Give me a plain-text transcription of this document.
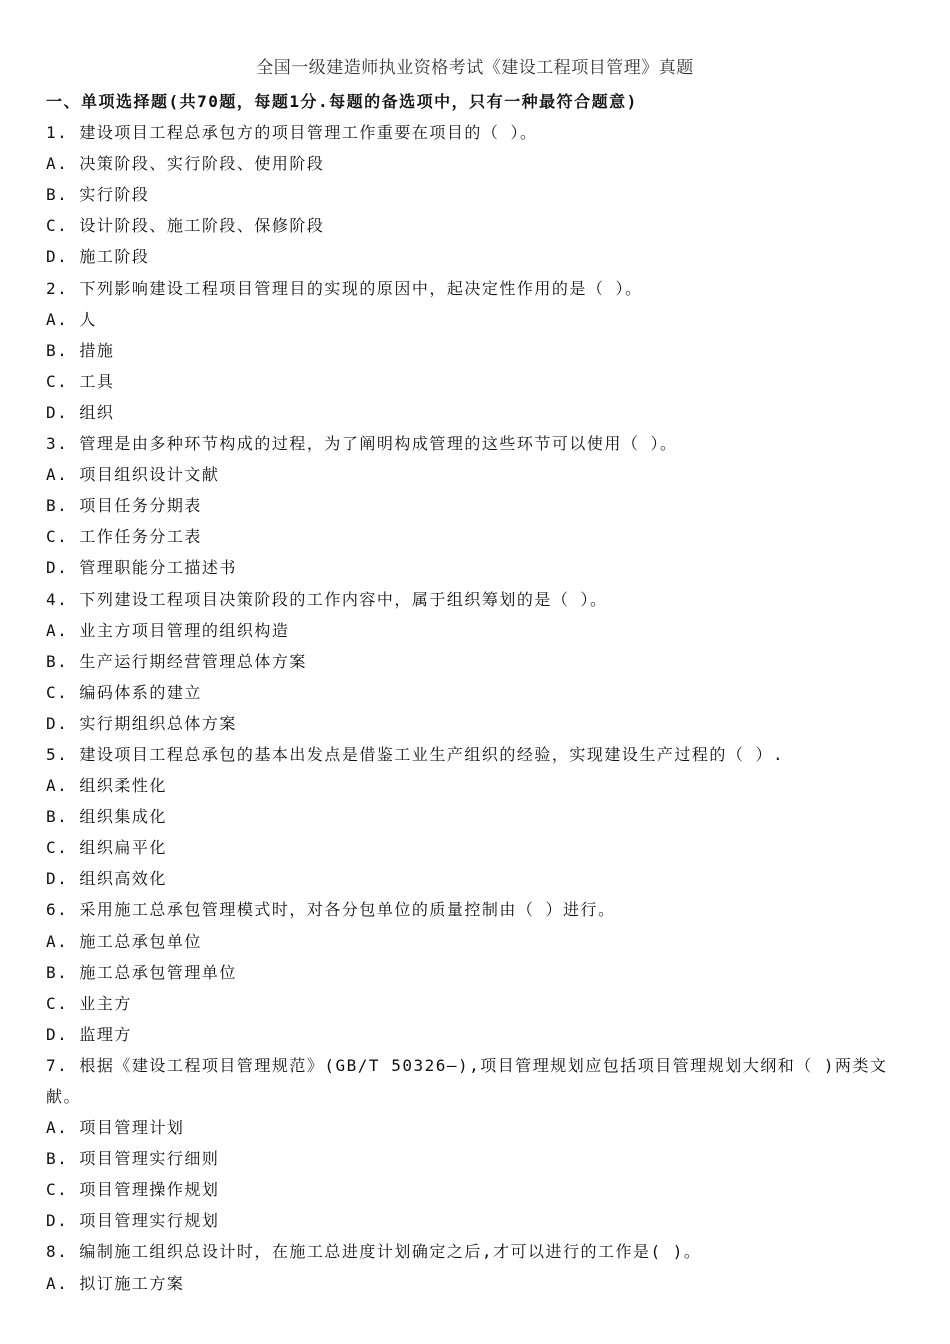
全国一级建造师执业资格考试《建设工程项目管理》真题
一、单项选择题(共70题，每题1分.每题的备选项中，只有一种最符合题意)
1. 建设项目工程总承包方的项目管理工作重要在项目的（ ）。
A. 决策阶段、实行阶段、使用阶段
B. 实行阶段
C. 设计阶段、施工阶段、保修阶段
D. 施工阶段
2. 下列影响建设工程项目管理目的实现的原因中，起决定性作用的是（ ）。
A. 人
B. 措施
C. 工具
D. 组织
3. 管理是由多种环节构成的过程，为了阐明构成管理的这些环节可以使用（ ）。
A. 项目组织设计文献
B. 项目任务分期表
C. 工作任务分工表
D. 管理职能分工描述书
4. 下列建设工程项目决策阶段的工作内容中，属于组织筹划的是（ ）。
A. 业主方项目管理的组织构造
B. 生产运行期经营管理总体方案
C. 编码体系的建立
D. 实行期组织总体方案
5. 建设项目工程总承包的基本出发点是借鉴工业生产组织的经验，实现建设生产过程的（ ）.
A. 组织柔性化
B. 组织集成化
C. 组织扁平化
D. 组织高效化
6. 采用施工总承包管理模式时，对各分包单位的质量控制由（ ）进行。
A. 施工总承包单位
B. 施工总承包管理单位
C. 业主方
D. 监理方
7. 根据《建设工程项目管理规范》(GB/T 50326—),项目管理规划应包括项目管理规划大纲和（ )两类文献。
A. 项目管理计划
B. 项目管理实行细则
C. 项目管理操作规划
D. 项目管理实行规划
8. 编制施工组织总设计时，在施工总进度计划确定之后,才可以进行的工作是( )。
A. 拟订施工方案
